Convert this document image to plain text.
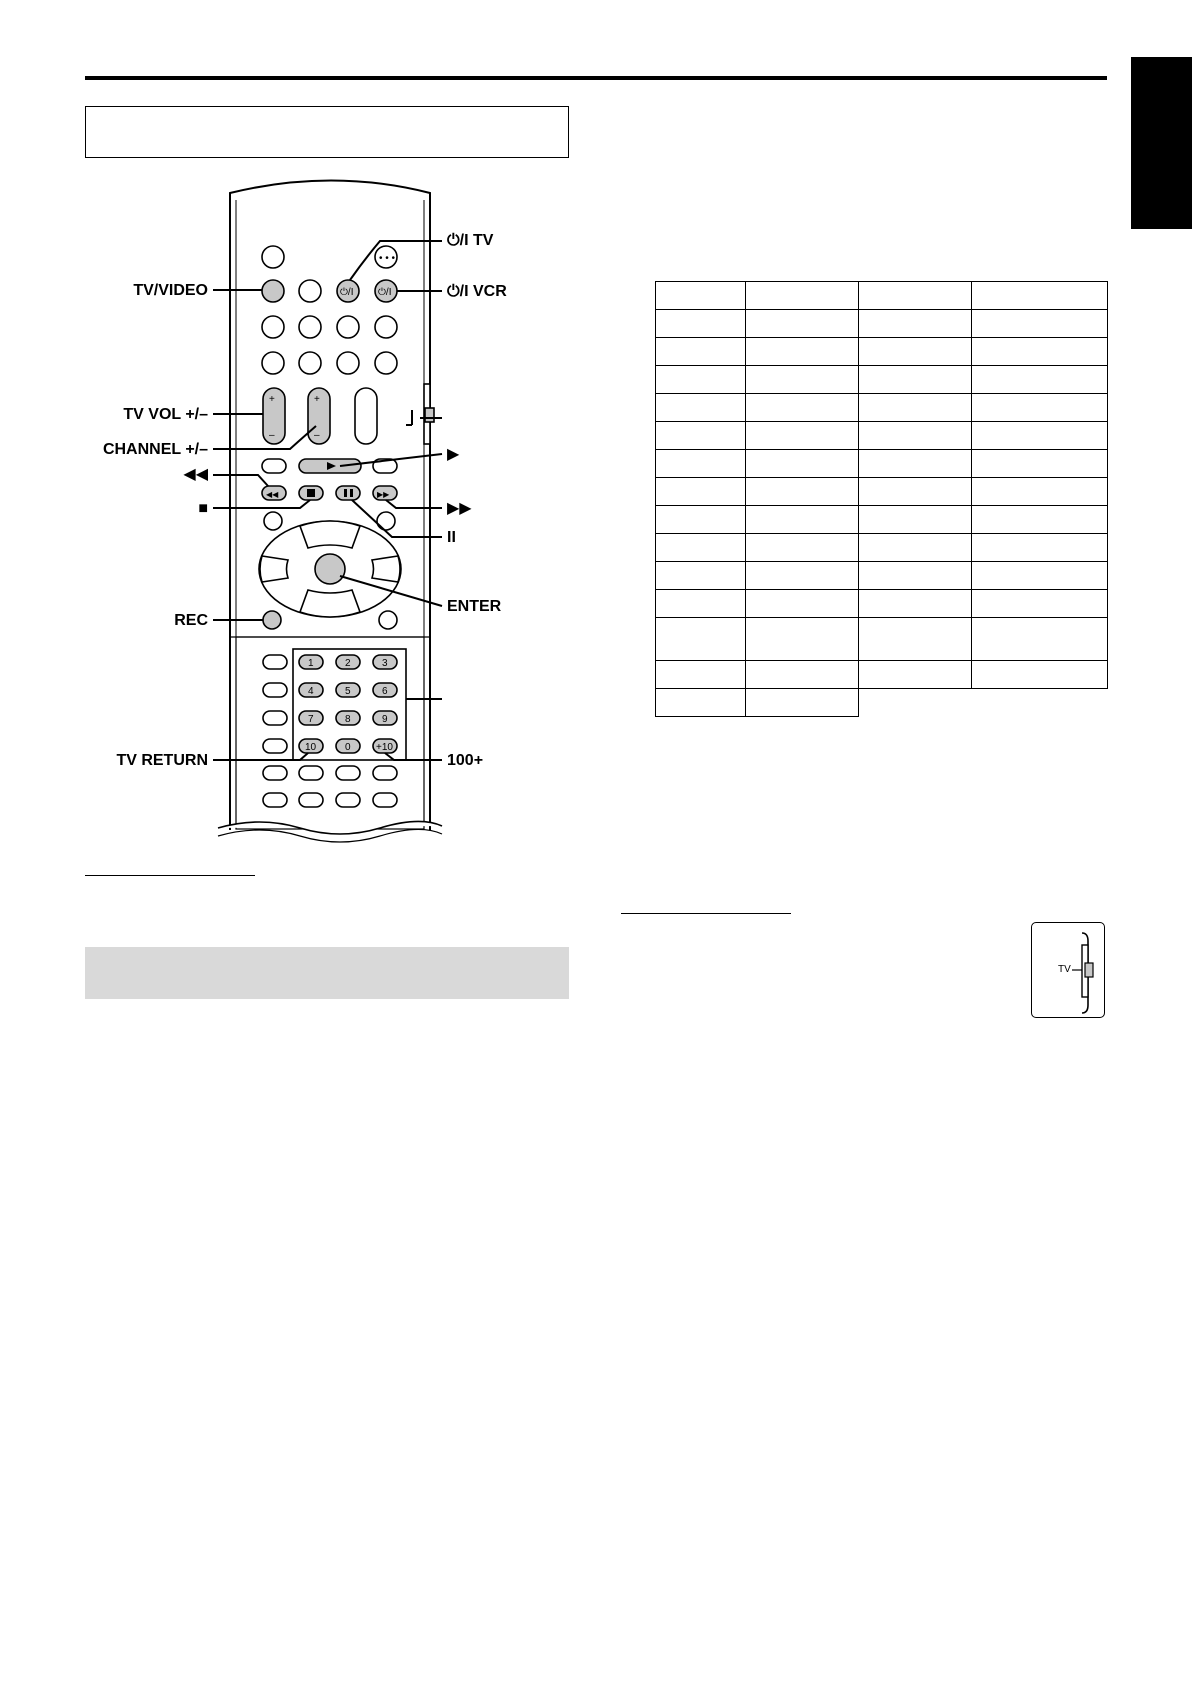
• • •
⏻/I ⏻/I
+
–
+
–
◀◀	▶▶
1	2	3
4	5	6
7	8	9
10	0	+10
TV/VIDEO
TV VOL +/–
CHANNEL +/–
◀◀
■
REC
TV RETURN
⏻/I TV
⏻/I VCR
▶
▶▶
II
ENTER
100+

TV
